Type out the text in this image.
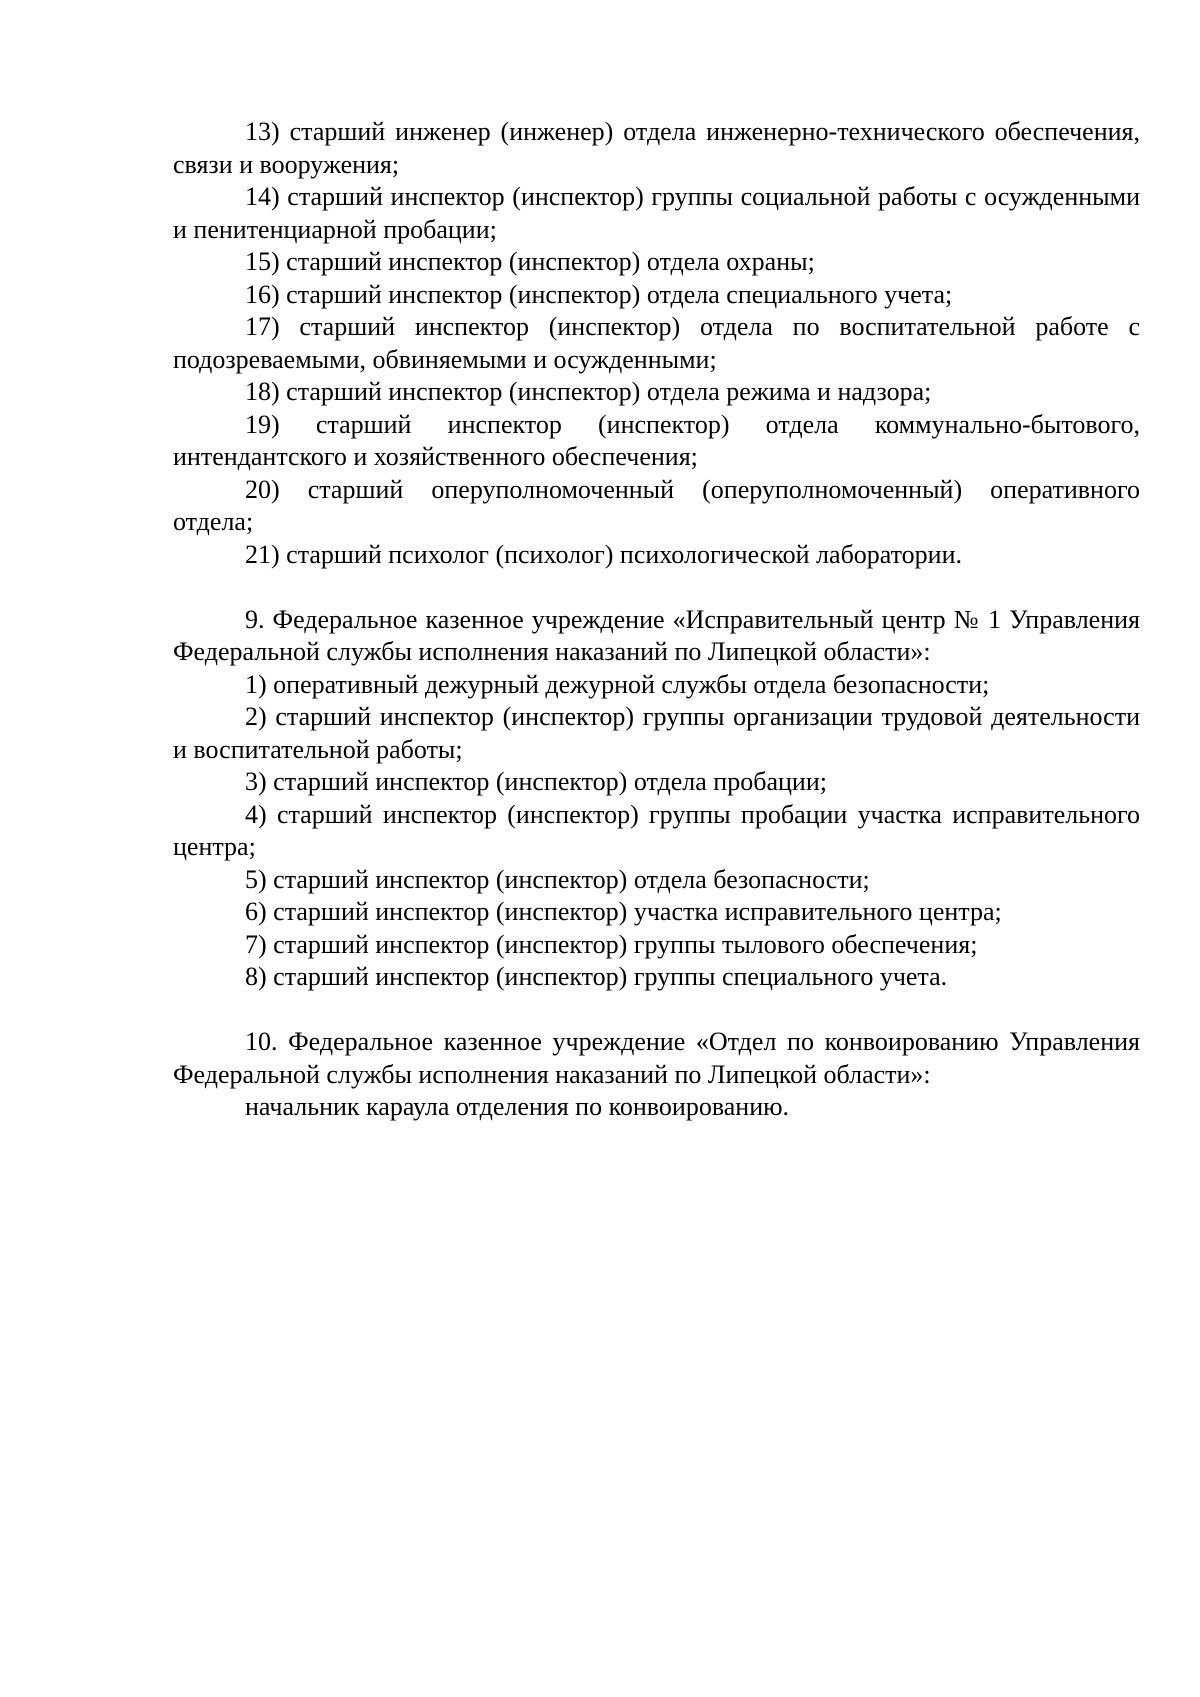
13) старший инженер (инженер) отдела инженерно-технического обеспечения, связи и вооружения;

14) старший инспектор (инспектор) группы социальной работы с осужденными и пенитенциарной пробации;

15) старший инспектор (инспектор) отдела охраны;

16) старший инспектор (инспектор) отдела специального учета;

17) старший инспектор (инспектор) отдела по воспитательной работе с подозреваемыми, обвиняемыми и осужденными;

18) старший инспектор (инспектор) отдела режима и надзора;

19) старший инспектор (инспектор) отдела коммунально-бытового, интендантского и хозяйственного обеспечения;

20) старший оперуполномоченный (оперуполномоченный) оперативного отдела;

21) старший психолог (психолог) психологической лаборатории.

9. Федеральное казенное учреждение «Исправительный центр № 1 Управления Федеральной службы исполнения наказаний по Липецкой области»:

1) оперативный дежурный дежурной службы отдела безопасности;

2) старший инспектор (инспектор) группы организации трудовой деятельности и воспитательной работы;

3) старший инспектор (инспектор) отдела пробации;

4) старший инспектор (инспектор) группы пробации участка исправительного центра;

5) старший инспектор (инспектор) отдела безопасности;

6) старший инспектор (инспектор) участка исправительного центра;

7) старший инспектор (инспектор) группы тылового обеспечения;

8) старший инспектор (инспектор) группы специального учета.

10. Федеральное казенное учреждение «Отдел по конвоированию Управления Федеральной службы исполнения наказаний по Липецкой области»:

начальник караула отделения по конвоированию.
